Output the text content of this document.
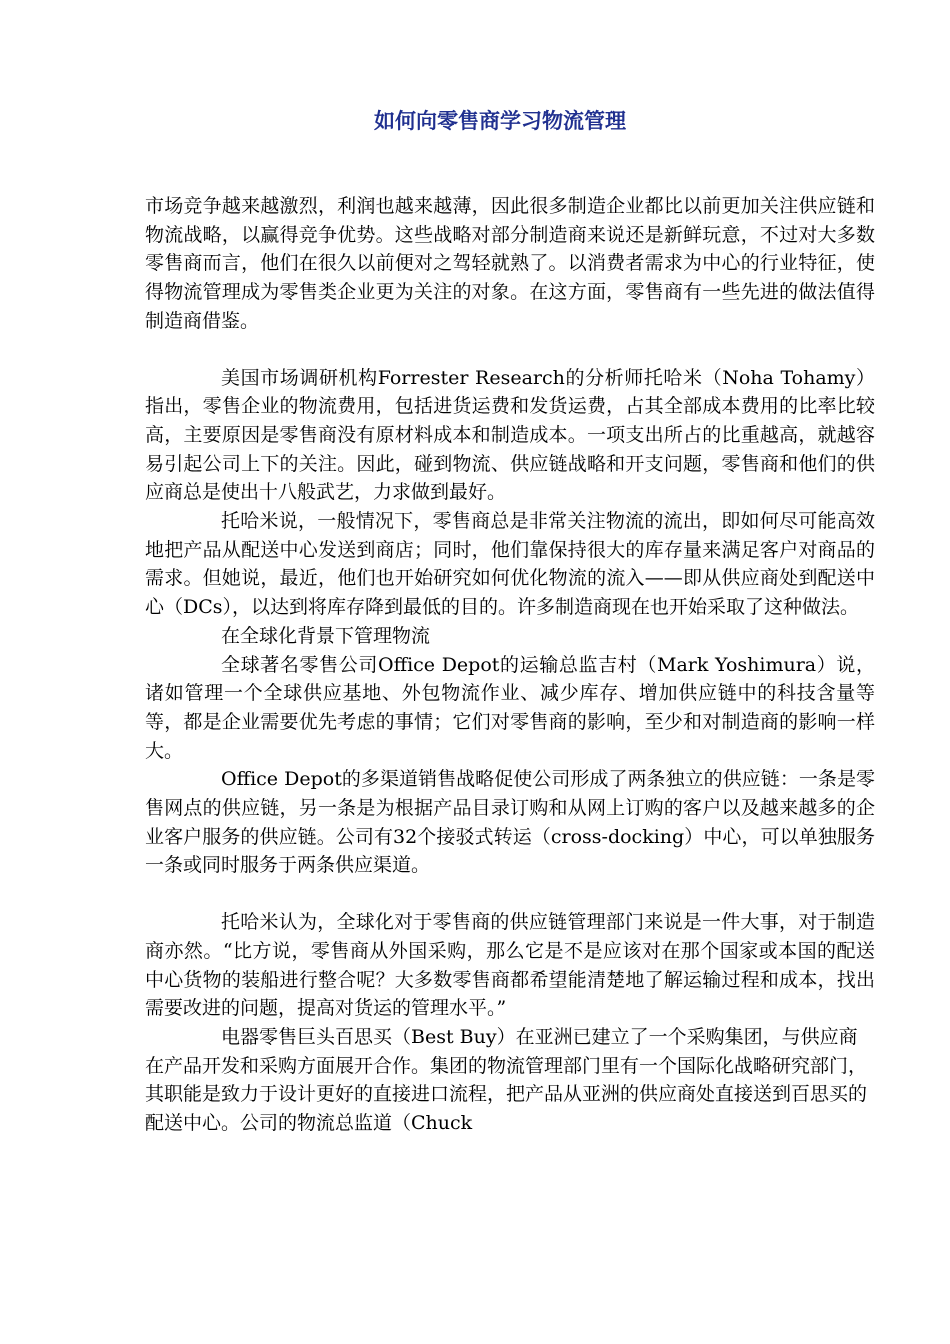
如何向零售商学习物流管理

市场竞争越来越激烈，利润也越来越薄，因此很多制造企业都比以前更加关注供应链和物流战略，以赢得竞争优势。这些战略对部分制造商来说还是新鲜玩意，不过对大多数零售商而言，他们在很久以前便对之驾轻就熟了。以消费者需求为中心的行业特征，使得物流管理成为零售类企业更为关注的对象。在这方面，零售商有一些先进的做法值得制造商借鉴。

美国市场调研机构Forrester Research的分析师托哈米（Noha Tohamy）指出，零售企业的物流费用，包括进货运费和发货运费，占其全部成本费用的比率比较高，主要原因是零售商没有原材料成本和制造成本。一项支出所占的比重越高，就越容易引起公司上下的关注。因此，碰到物流、供应链战略和开支问题，零售商和他们的供应商总是使出十八般武艺，力求做到最好。

托哈米说，一般情况下，零售商总是非常关注物流的流出，即如何尽可能高效地把产品从配送中心发送到商店；同时，他们靠保持很大的库存量来满足客户对商品的需求。但她说，最近，他们也开始研究如何优化物流的流入——即从供应商处到配送中心（DCs），以达到将库存降到最低的目的。许多制造商现在也开始采取了这种做法。

在全球化背景下管理物流

全球著名零售公司Office Depot的运输总监吉村（Mark Yoshimura）说，诸如管理一个全球供应基地、外包物流作业、减少库存、增加供应链中的科技含量等等，都是企业需要优先考虑的事情；它们对零售商的影响，至少和对制造商的影响一样大。

Office Depot的多渠道销售战略促使公司形成了两条独立的供应链：一条是零售网点的供应链，另一条是为根据产品目录订购和从网上订购的客户以及越来越多的企业客户服务的供应链。公司有32个接驳式转运（cross-docking）中心，可以单独服务一条或同时服务于两条供应渠道。

托哈米认为，全球化对于零售商的供应链管理部门来说是一件大事，对于制造商亦然。“比方说，零售商从外国采购，那么它是不是应该对在那个国家或本国的配送中心货物的装船进行整合呢？大多数零售商都希望能清楚地了解运输过程和成本，找出需要改进的问题，提高对货运的管理水平。”

电器零售巨头百思买（Best Buy）在亚洲已建立了一个采购集团，与供应商在产品开发和采购方面展开合作。集团的物流管理部门里有一个国际化战略研究部门，其职能是致力于设计更好的直接进口流程，把产品从亚洲的供应商处直接送到百思买的配送中心。公司的物流总监道（Chuck
